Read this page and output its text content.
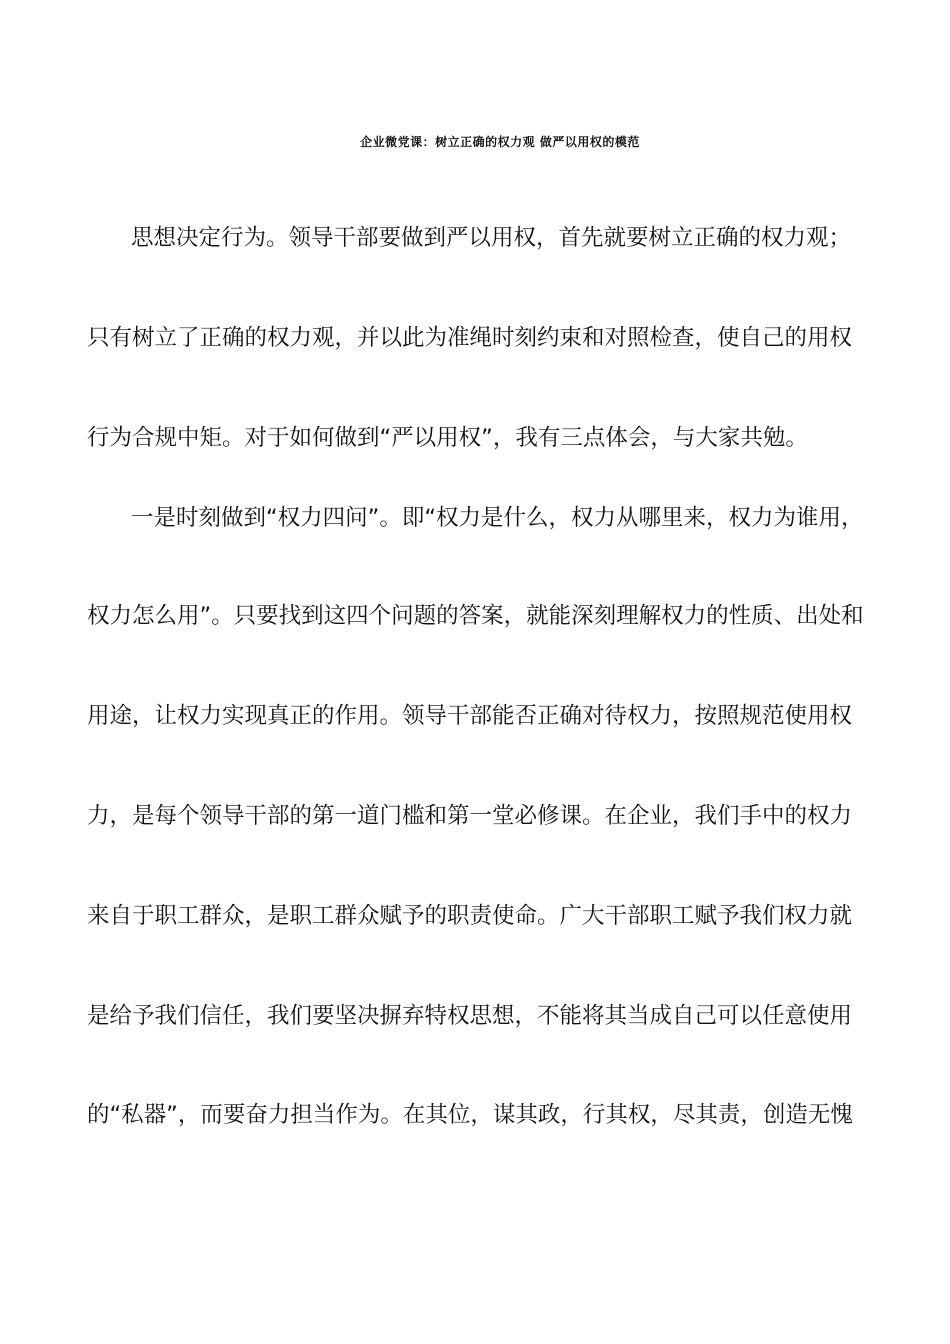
企业微党课：树立正确的权力观 做严以用权的模范
思想决定行为。领导干部要做到严以用权，首先就要树立正确的权力观；
只有树立了正确的权力观，并以此为准绳时刻约束和对照检查，使自己的用权
行为合规中矩。对于如何做到“严以用权”，我有三点体会，与大家共勉。
一是时刻做到“权力四问”。即“权力是什么，权力从哪里来，权力为谁用，
权力怎么用”。只要找到这四个问题的答案，就能深刻理解权力的性质、出处和
用途，让权力实现真正的作用。领导干部能否正确对待权力，按照规范使用权
力，是每个领导干部的第一道门槛和第一堂必修课。在企业，我们手中的权力
来自于职工群众，是职工群众赋予的职责使命。广大干部职工赋予我们权力就
是给予我们信任，我们要坚决摒弃特权思想，不能将其当成自己可以任意使用
的“私器”，而要奋力担当作为。在其位，谋其政，行其权，尽其责，创造无愧
